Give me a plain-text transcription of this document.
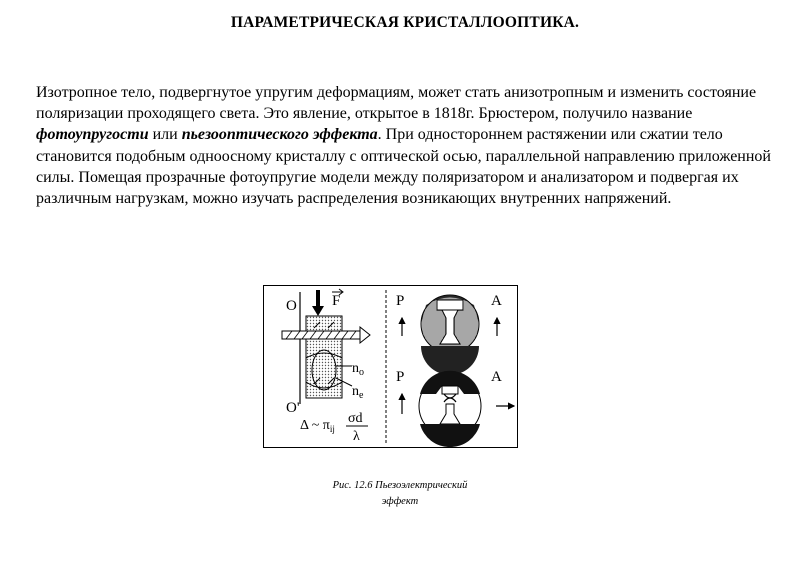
ПАРАМЕТРИЧЕСКАЯ КРИСТАЛЛООПТИКА.
Изотропное тело, подвергнутое упругим деформациям, может стать анизотропным и изменить состояние поляризации проходящего света. Это явление, открытое в 1818г. Брюстером, получило название фотоупругости или пьезооптического эффекта. При одностороннем растяжении или сжатии тело становится подобным одноосному кристаллу с оптической осью, параллельной направлению приложенной силы. Помещая прозрачные фотоупругие модели между поляризатором и анализатором и подвергая их различным нагрузкам, можно изучать распределения возникающих внутренних напряжений.
O
O'
F
$n_o$
$n_e$
Δ ~ $\pi_{ij}$
σd
λ
P	A
P	A
Рис. 12.6 Пьезоэлектрический
эффект
